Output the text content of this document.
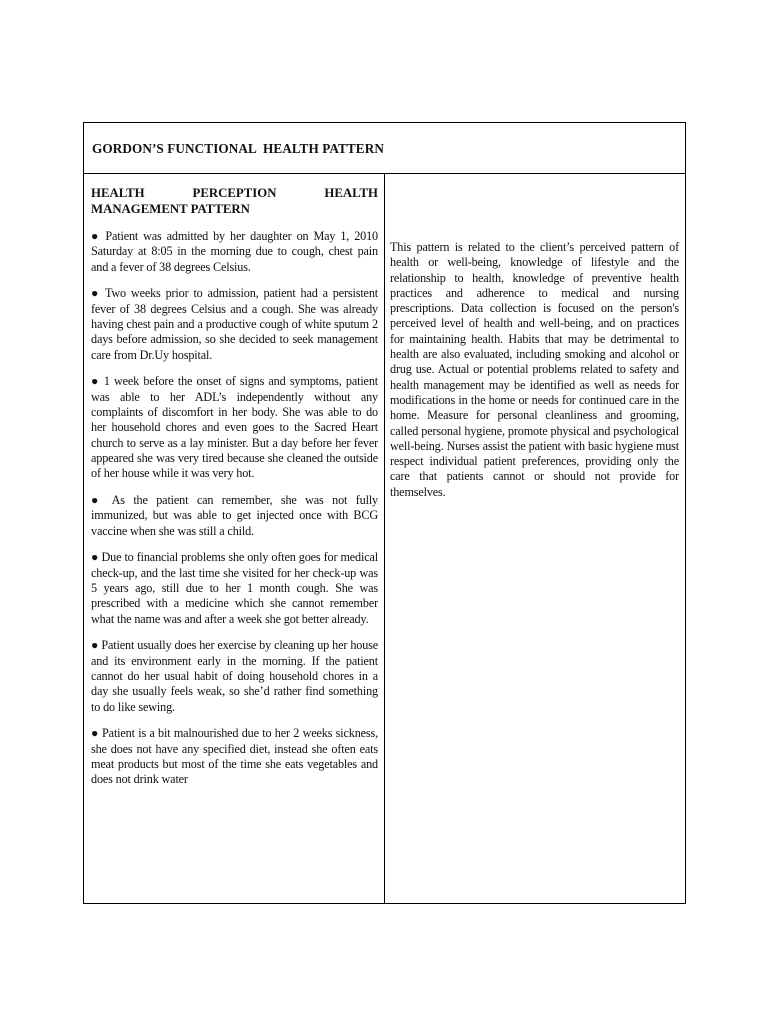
GORDON’S FUNCTIONAL  HEALTH PATTERN
HEALTH	PERCEPTION	HEALTH
MANAGEMENT PATTERN

● Patient was admitted by her daughter on May 1, 2010 Saturday at 8:05 in the morning due to cough, chest pain and a fever of 38 degrees Celsius.

● Two weeks prior to admission, patient had a persistent fever of 38 degrees Celsius and a cough. She was already having chest pain and a productive cough of white sputum 2 days before admission, so she decided to seek management care from Dr.Uy hospital.

● 1 week before the onset of signs and symptoms, patient was able to her ADL’s independently without any complaints of discomfort in her body. She was able to do her household chores and even goes to the Sacred Heart church to serve as a lay minister. But a day before her fever appeared she was very tired because she cleaned the outside of her house while it was very hot.

● As the patient can remember, she was not fully immunized, but was able to get injected once with BCG vaccine when she was still a child.

● Due to financial problems she only often goes for medical check-up, and the last time she visited for her check-up was 5 years ago, still due to her 1 month cough. She was prescribed with a medicine which she cannot remember what the name was and after a week she got better already.

● Patient usually does her exercise by cleaning up her house and its environment early in the morning. If the patient cannot do her usual habit of doing household chores in a day she usually feels weak, so she’d rather find something to do like sewing.

● Patient is a bit malnourished due to her 2 weeks sickness, she does not have any specified diet, instead she often eats meat products but most of the time she eats vegetables and does not drink water

This pattern is related to the client’s perceived pattern of health or well-being, knowledge of lifestyle and the relationship to health, knowledge of preventive health practices and adherence to medical and nursing prescriptions. Data collection is focused on the person's perceived level of health and well-being, and on practices for maintaining health. Habits that may be detrimental to health are also evaluated, including smoking and alcohol or drug use. Actual or potential problems related to safety and health management may be identified as well as needs for modifications in the home or needs for continued care in the home. Measure for personal cleanliness and grooming, called personal hygiene, promote physical and psychological well-being. Nurses assist the patient with basic hygiene must respect individual patient preferences, providing only the care that patients cannot or should not provide for themselves.
